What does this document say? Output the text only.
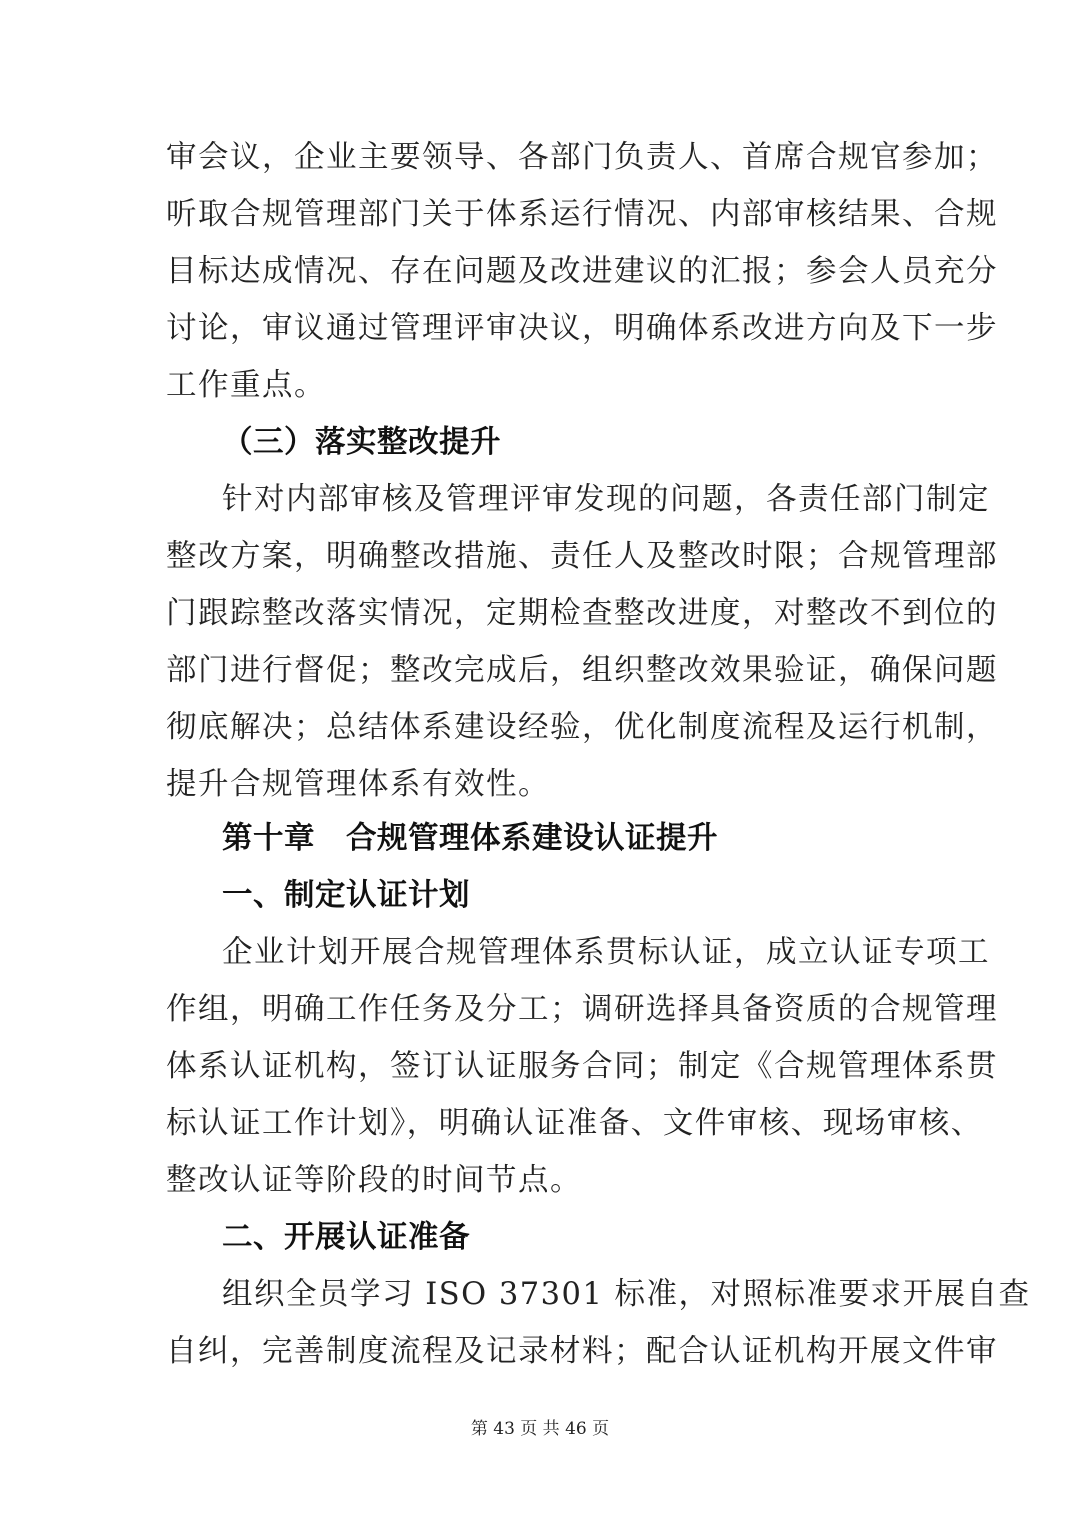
审会议，企业主要领导、各部门负责人、首席合规官参加；
听取合规管理部门关于体系运行情况、内部审核结果、合规
目标达成情况、存在问题及改进建议的汇报；参会人员充分
讨论，审议通过管理评审决议，明确体系改进方向及下一步
工作重点。
（三）落实整改提升
针对内部审核及管理评审发现的问题，各责任部门制定
整改方案，明确整改措施、责任人及整改时限；合规管理部
门跟踪整改落实情况，定期检查整改进度，对整改不到位的
部门进行督促；整改完成后，组织整改效果验证，确保问题
彻底解决；总结体系建设经验，优化制度流程及运行机制，
提升合规管理体系有效性。
第十章　合规管理体系建设认证提升
一、制定认证计划
企业计划开展合规管理体系贯标认证，成立认证专项工
作组，明确工作任务及分工；调研选择具备资质的合规管理
体系认证机构，签订认证服务合同；制定《合规管理体系贯
标认证工作计划》，明确认证准备、文件审核、现场审核、
整改认证等阶段的时间节点。
二、开展认证准备
组织全员学习 ISO 37301 标准，对照标准要求开展自查
自纠，完善制度流程及记录材料；配合认证机构开展文件审
第 43 页 共 46 页
